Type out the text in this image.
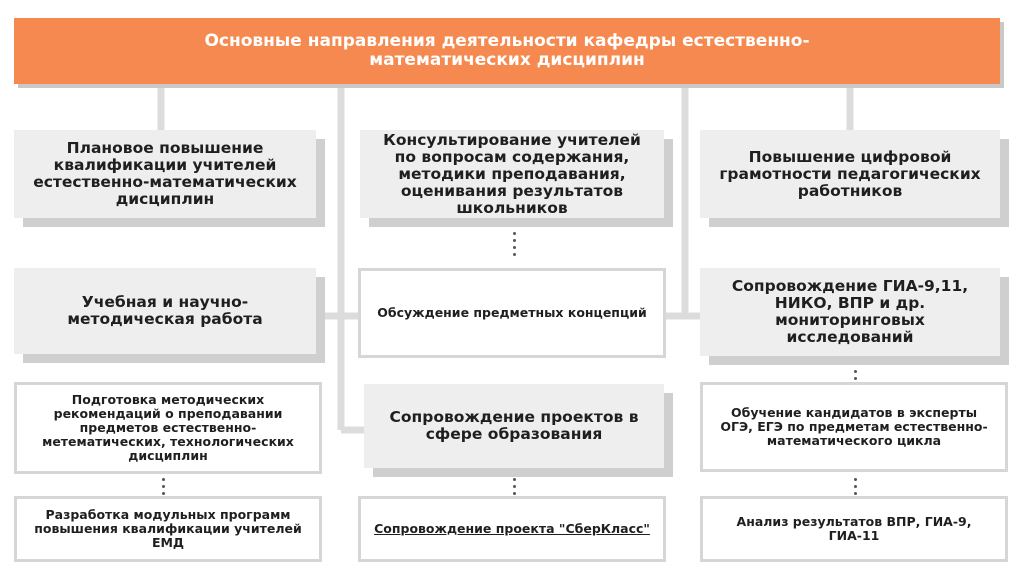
Основные направления деятельности кафедры естественно-математических дисциплин
Плановое повышение квалификации учителей естественно-математических дисциплин
Учебная и научно-методическая работа
Подготовка методических рекомендаций о преподавании предметов естественно-метематических, технологических дисциплин
Разработка модульных программ повышения квалификации учителей ЕМД
Консультирование учителей по вопросам содержания, методики преподавания, оценивания результатов школьников
Обсуждение предметных концепций
Сопровождение проектов в сфере образования
Сопровождение проекта "СберКласс"
Повышение цифровой грамотности педагогических работников
Сопровождение ГИА-9,11, НИКО, ВПР и др. мониторинговых исследований
Обучение кандидатов в эксперты ОГЭ, ЕГЭ по предметам естественно-математического цикла
Анализ результатов ВПР, ГИА-9, ГИА-11
